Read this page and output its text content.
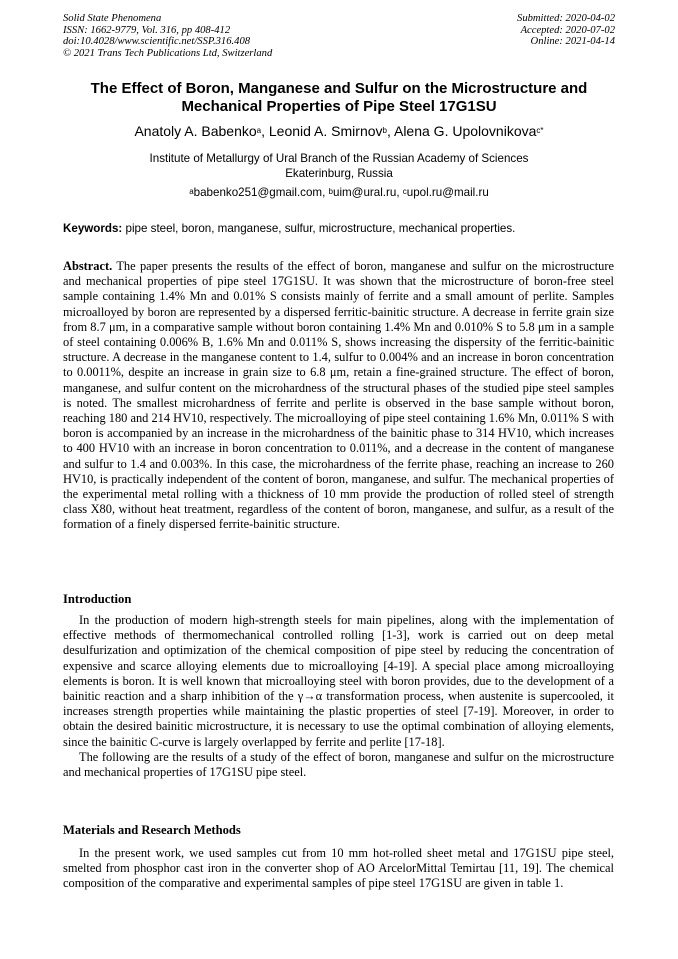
Solid State Phenomena
ISSN: 1662-9779, Vol. 316, pp 408-412
doi:10.4028/www.scientific.net/SSP.316.408
© 2021 Trans Tech Publications Ltd, Switzerland
Submitted: 2020-04-02
Accepted: 2020-07-02
Online: 2021-04-14
The Effect of Boron, Manganese and Sulfur on the Microstructure and Mechanical Properties of Pipe Steel 17G1SU
Anatoly A. Babenko$^a$, Leonid A. Smirnov$^b$, Alena G. Upolovnikova$^{c*}$
Institute of Metallurgy of Ural Branch of the Russian Academy of Sciences
Ekaterinburg, Russia
$^a$babenko251@gmail.com, $^b$uim@ural.ru, $^c$upol.ru@mail.ru
Keywords: pipe steel, boron, manganese, sulfur, microstructure, mechanical properties.
Abstract. The paper presents the results of the effect of boron, manganese and sulfur on the microstructure and mechanical properties of pipe steel 17G1SU. It was shown that the microstructure of boron-free steel sample containing 1.4% Mn and 0.01% S consists mainly of ferrite and a small amount of perlite. Samples microalloyed by boron are represented by a dispersed ferritic-bainitic structure. A decrease in ferrite grain size from 8.7 μm, in a comparative sample without boron containing 1.4% Mn and 0.010% S to 5.8 μm in a sample of steel containing 0.006% B, 1.6% Mn and 0.011% S, shows increasing the dispersity of the ferritic-bainitic structure. A decrease in the manganese content to 1.4, sulfur to 0.004% and an increase in boron concentration to 0.0011%, despite an increase in grain size to 6.8 μm, retain a fine-grained structure. The effect of boron, manganese, and sulfur content on the microhardness of the structural phases of the studied pipe steel samples is noted. The smallest microhardness of ferrite and perlite is observed in the base sample without boron, reaching 180 and 214 HV10, respectively. The microalloying of pipe steel containing 1.6% Mn, 0.011% S with boron is accompanied by an increase in the microhardness of the bainitic phase to 314 HV10, which increases to 400 HV10 with an increase in boron concentration to 0.011%, and a decrease in the content of manganese and sulfur to 1.4 and 0.003%. In this case, the microhardness of the ferrite phase, reaching an increase to 260 HV10, is practically independent of the content of boron, manganese, and sulfur. The mechanical properties of the experimental metal rolling with a thickness of 10 mm provide the production of rolled steel of strength class X80, without heat treatment, regardless of the content of boron, manganese, and sulfur, as a result of the formation of a finely dispersed ferrite-bainitic structure.
Introduction

In the production of modern high-strength steels for main pipelines, along with the implementation of effective methods of thermomechanical controlled rolling [1-3], work is carried out on deep metal desulfurization and optimization of the chemical composition of pipe steel by reducing the concentration of expensive and scarce alloying elements due to microalloying [4-19]. A special place among microalloying elements is boron. It is well known that microalloying steel with boron provides, due to the development of a bainitic reaction and a sharp inhibition of the γ→α transformation process, when austenite is supercooled, it increases strength properties while maintaining the plastic properties of steel [7-19]. Moreover, in order to obtain the desired bainitic microstructure, it is necessary to use the optimal combination of alloying elements, since the bainitic C-curve is largely overlapped by ferrite and perlite [17-18].

The following are the results of a study of the effect of boron, manganese and sulfur on the microstructure and mechanical properties of 17G1SU pipe steel.

Materials and Research Methods

In the present work, we used samples cut from 10 mm hot-rolled sheet metal and 17G1SU pipe steel, smelted from phosphor cast iron in the converter shop of AO ArcelorMittal Temirtau [11, 19]. The chemical composition of the comparative and experimental samples of pipe steel 17G1SU are given in table 1.
